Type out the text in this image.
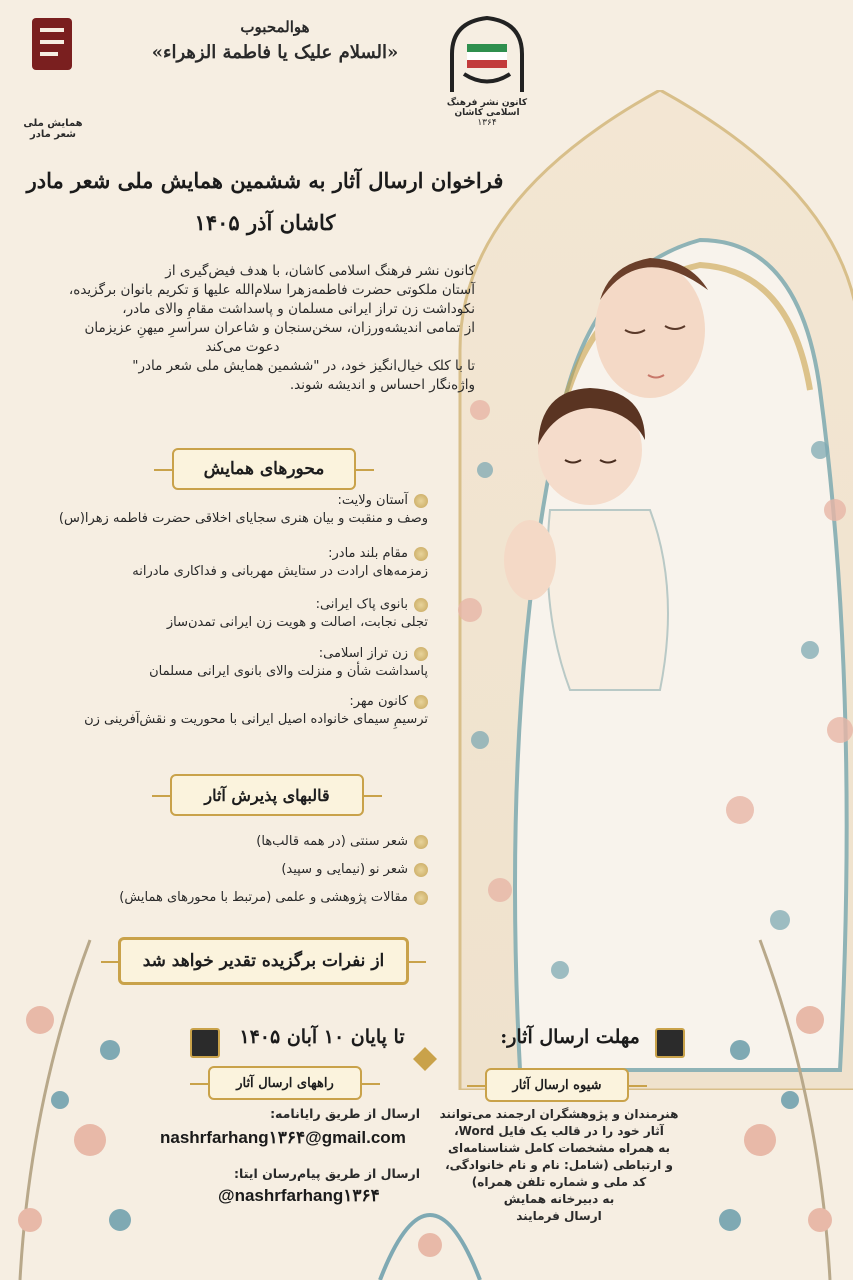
همایش ملی شعر مادر
هوالمحبوب
«السلام علیک یا فاطمة الزهراء»
کانون نشر فرهنگ اسلامی کاشان
۱۳۶۴
فراخوان ارسال آثار به ششمین همایش ملی شعر مادر
کاشان آذر ۱۴۰۵
کانون نشر فرهنگ اسلامی کاشان، با هدف فیض‌گیری از
آستان ملکوتی حضرت فاطمه‌زهرا سلام‌الله علیها وَ تکریم بانوان برگزیده،
نکوداشت زن تراز ایرانی مسلمان و پاسداشت مقامِ والای مادر،
از تمامی اندیشه‌ورزان، سخن‌سنجان و شاعران سراسرِ میهنِ عزیزمان
دعوت می‌کند
تا با کلک خیال‌انگیز خود، در "ششمین همایش ملی شعر مادر"
واژه‌نگار احساس و اندیشه شوند.
محورهای همایش
آستان ولایت:
وصف و منقبت و بیان هنری سجایای اخلاقی حضرت فاطمه زهرا(س)
مقام بلند مادر:
زمزمه‌های ارادت در ستایش مهربانی و فداکاری مادرانه
بانوی پاک ایرانی:
تجلی نجابت، اصالت و هویت زن ایرانی تمدن‌ساز
زن تراز اسلامی:
پاسداشت شأن و منزلت والای بانوی ایرانی مسلمان
کانون مهر:
ترسیمِ سیمای خانواده اصیل ایرانی با محوریت و نقش‌آفرینی زن
قالبهای پذیرش آثار
شعر سنتی (در همه قالب‌ها)
شعر نو (نیمایی و سپید)
مقالات پژوهشی و علمی (مرتبط با محورهای همایش)
از نفرات برگزیده تقدیر خواهد شد
تا پایان ۱۰ آبان ۱۴۰۵	مهلت ارسال آثار:
راههای ارسال آثار
ارسال از طریق رایانامه:
nashrfarhang۱۳۶۴@gmail.com
ارسال از طریق پیام‌رسان ایتا:
@nashrfarhang۱۳۶۴
شیوه ارسال آثار
هنرمندان و پژوهشگران ارجمند می‌توانند
آثار خود را در قالب یک فایل Word،
به همراه مشخصات کامل شناسنامه‌ای
و ارتباطی (شامل: نام و نام خانوادگی،
کد ملی و شماره تلفن همراه)
به دبیرخانه همایش
ارسال فرمایند
